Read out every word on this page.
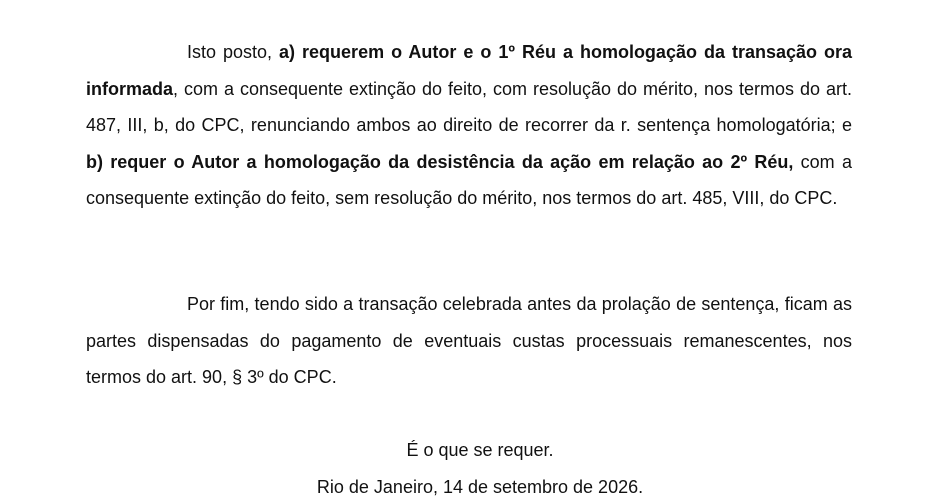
Isto posto, a) requerem o Autor e o 1º Réu a homologação da transação ora informada, com a consequente extinção do feito, com resolução do mérito, nos termos do art. 487, III, b, do CPC, renunciando ambos ao direito de recorrer da r. sentença homologatória; e b) requer o Autor a homologação da desistência da ação em relação ao 2º Réu, com a consequente extinção do feito, sem resolução do mérito, nos termos do art. 485, VIII, do CPC.

Por fim, tendo sido a transação celebrada antes da prolação de sentença, ficam as partes dispensadas do pagamento de eventuais custas processuais remanescentes, nos termos do art. 90, § 3º do CPC.

É o que se requer.

Rio de Janeiro, 14 de setembro de 2026.
